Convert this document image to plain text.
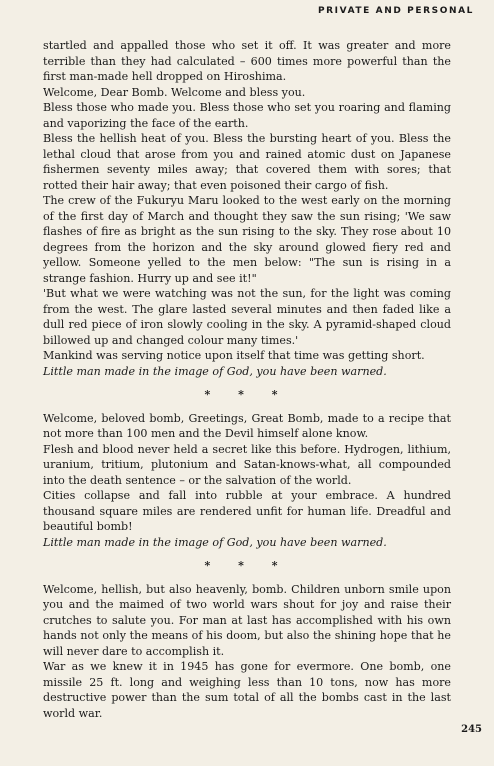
PRIVATE AND PERSONAL

startled and appalled those who set it off. It was greater and more terrible than they had calculated – 600 times more powerful than the first man-made hell dropped on Hiroshima.

Welcome, Dear Bomb. Welcome and bless you.

Bless those who made you. Bless those who set you roaring and flaming and vaporizing the face of the earth.

Bless the hellish heat of you. Bless the bursting heart of you. Bless the lethal cloud that arose from you and rained atomic dust on Japanese fishermen seventy miles away; that covered them with sores; that rotted their hair away; that even poisoned their cargo of fish.

The crew of the Fukuryu Maru looked to the west early on the morning of the first day of March and thought they saw the sun rising; 'We saw flashes of fire as bright as the sun rising to the sky. They rose about 10 degrees from the horizon and the sky around glowed fiery red and yellow. Someone yelled to the men below: "The sun is rising in a strange fashion. Hurry up and see it!"

'But what we were watching was not the sun, for the light was coming from the west. The glare lasted several minutes and then faded like a dull red piece of iron slowly cooling in the sky. A pyramid-shaped cloud billowed up and changed colour many times.'

Mankind was serving notice upon itself that time was getting short.

Little man made in the image of God, you have been warned.

* * *

Welcome, beloved bomb, Greetings, Great Bomb, made to a recipe that not more than 100 men and the Devil himself alone know.

Flesh and blood never held a secret like this before. Hydrogen, lithium, uranium, tritium, plutonium and Satan-knows-what, all compounded into the death sentence – or the salvation of the world.

Cities collapse and fall into rubble at your embrace. A hundred thousand square miles are rendered unfit for human life. Dreadful and beautiful bomb!

Little man made in the image of God, you have been warned.

* * *

Welcome, hellish, but also heavenly, bomb. Children unborn smile upon you and the maimed of two world wars shout for joy and raise their crutches to salute you. For man at last has accomplished with his own hands not only the means of his doom, but also the shining hope that he will never dare to accomplish it.

War as we knew it in 1945 has gone for evermore. One bomb, one missile 25 ft. long and weighing less than 10 tons, now has more destructive power than the sum total of all the bombs cast in the last world war.

245
